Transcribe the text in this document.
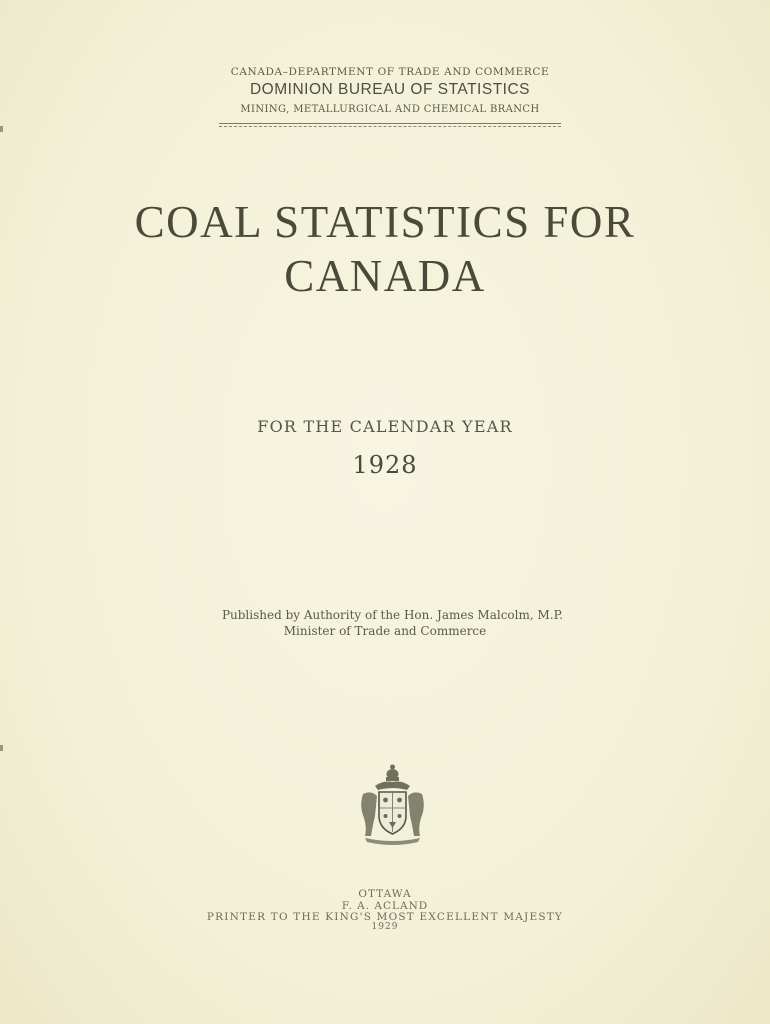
CANADA–DEPARTMENT OF TRADE AND COMMERCE
DOMINION BUREAU OF STATISTICS
MINING, METALLURGICAL AND CHEMICAL BRANCH
COAL STATISTICS FOR
CANADA
FOR THE CALENDAR YEAR
1928
Published by Authority of the Hon. James Malcolm, M.P.
Minister of Trade and Commerce
OTTAWA
F. A. ACLAND
PRINTER TO THE KING'S MOST EXCELLENT MAJESTY
1929
